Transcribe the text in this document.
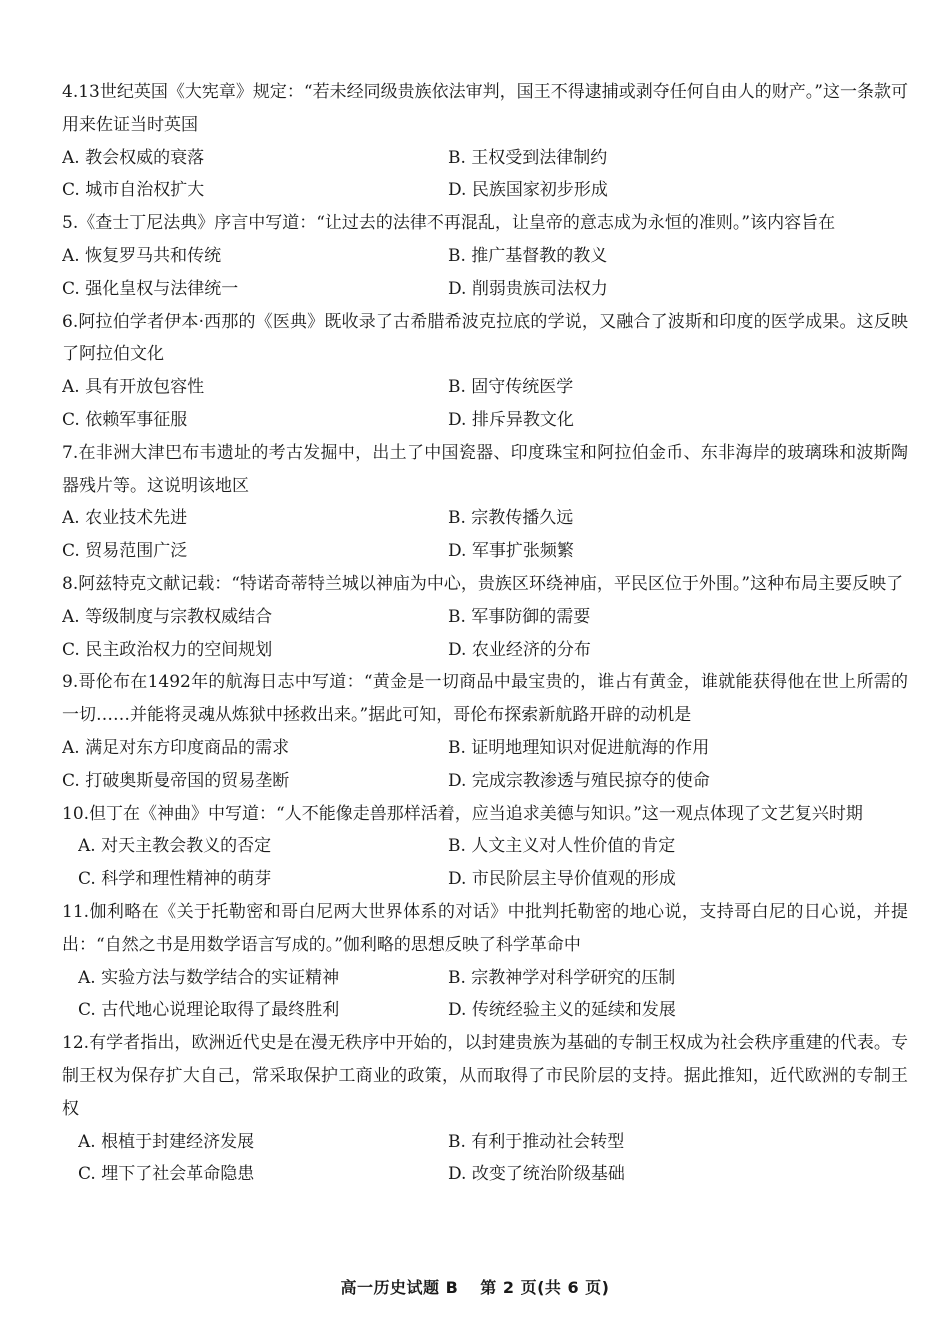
4.13世纪英国《大宪章》规定：“若未经同级贵族依法审判，国王不得逮捕或剥夺任何自由人的财产。”这一条款可用来佐证当时英国
A. 教会权威的衰落	B. 王权受到法律制约
C. 城市自治权扩大	D. 民族国家初步形成
5.《查士丁尼法典》序言中写道：“让过去的法律不再混乱，让皇帝的意志成为永恒的准则。”该内容旨在
A. 恢复罗马共和传统	B. 推广基督教的教义
C. 强化皇权与法律统一	D. 削弱贵族司法权力
6.阿拉伯学者伊本·西那的《医典》既收录了古希腊希波克拉底的学说，又融合了波斯和印度的医学成果。这反映了阿拉伯文化
A. 具有开放包容性	B. 固守传统医学
C. 依赖军事征服	D. 排斥异教文化
7.在非洲大津巴布韦遗址的考古发掘中，出土了中国瓷器、印度珠宝和阿拉伯金币、东非海岸的玻璃珠和波斯陶器残片等。这说明该地区
A. 农业技术先进	B. 宗教传播久远
C. 贸易范围广泛	D. 军事扩张频繁
8.阿兹特克文献记载：“特诺奇蒂特兰城以神庙为中心，贵族区环绕神庙，平民区位于外围。”这种布局主要反映了
A. 等级制度与宗教权威结合	B. 军事防御的需要
C. 民主政治权力的空间规划	D. 农业经济的分布
9.哥伦布在1492年的航海日志中写道：“黄金是一切商品中最宝贵的，谁占有黄金，谁就能获得他在世上所需的一切……并能将灵魂从炼狱中拯救出来。”据此可知，哥伦布探索新航路开辟的动机是
A. 满足对东方印度商品的需求	B. 证明地理知识对促进航海的作用
C. 打破奥斯曼帝国的贸易垄断	D. 完成宗教渗透与殖民掠夺的使命
10.但丁在《神曲》中写道：“人不能像走兽那样活着，应当追求美德与知识。”这一观点体现了文艺复兴时期
A. 对天主教会教义的否定	B. 人文主义对人性价值的肯定
C. 科学和理性精神的萌芽	D. 市民阶层主导价值观的形成
11.伽利略在《关于托勒密和哥白尼两大世界体系的对话》中批判托勒密的地心说，支持哥白尼的日心说，并提出：“自然之书是用数学语言写成的。”伽利略的思想反映了科学革命中
A. 实验方法与数学结合的实证精神	B. 宗教神学对科学研究的压制
C. 古代地心说理论取得了最终胜利	D. 传统经验主义的延续和发展
12.有学者指出，欧洲近代史是在漫无秩序中开始的，以封建贵族为基础的专制王权成为社会秩序重建的代表。专制王权为保存扩大自己，常采取保护工商业的政策，从而取得了市民阶层的支持。据此推知，近代欧洲的专制王权
A. 根植于封建经济发展	B. 有利于推动社会转型
C. 埋下了社会革命隐患	D. 改变了统治阶级基础
高一历史试题 B 第 2 页(共 6 页)
